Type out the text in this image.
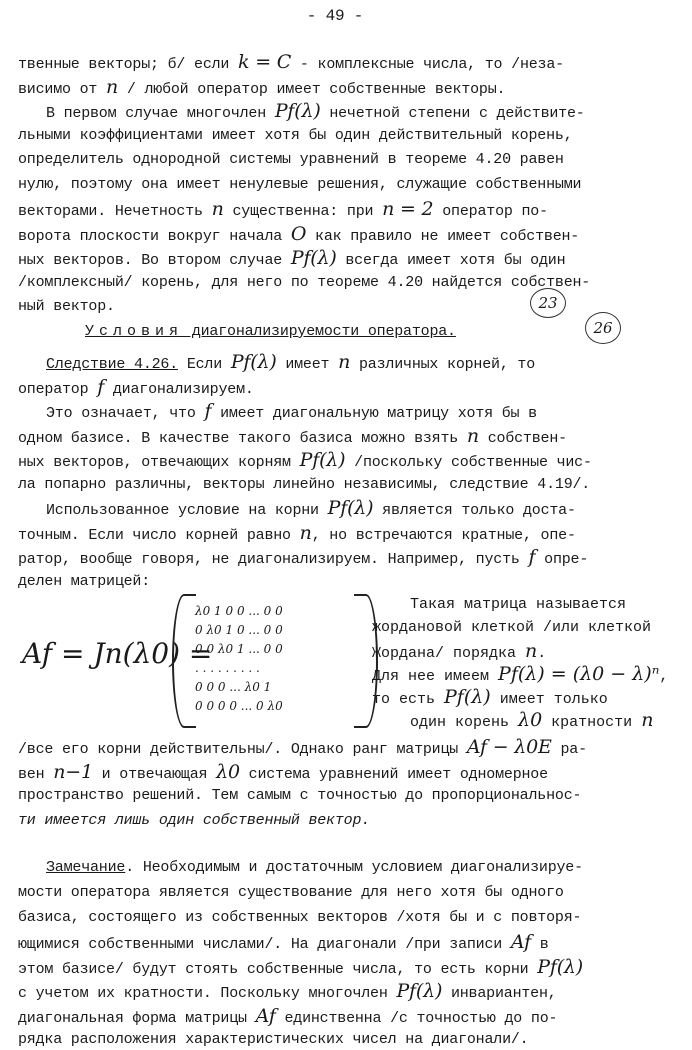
- 49 -
твенные векторы; б/ если k = C - комплексные числа, то /неза-
висимо от n / любой оператор имеет собственные векторы.
В первом случае многочлен Pf(λ) нечетной степени с действите-
льными коэффициентами имеет хотя бы один действительный корень,
определитель однородной системы уравнений в теореме 4.20 равен
нулю, поэтому она имеет ненулевые решения, служащие собственными
векторами. Нечетность n существенна: при n = 2 оператор по-
ворота плоскости вокруг начала O как правило не имеет собствен-
ных векторов. Во втором случае Pf(λ) всегда имеет хотя бы один
/комплексный/ корень, для него по теореме 4.20 найдется собствен-
ный вектор.	23
26
Условия диагонализируемости оператора.
Следствие 4.26. Если Pf(λ) имеет n различных корней, то
оператор f диагонализируем.
Это означает, что f имеет диагональную матрицу хотя бы в
одном базисе. В качестве такого базиса можно взять n собствен-
ных векторов, отвечающих корням Pf(λ) /поскольку собственные чис-
ла попарно различны, векторы линейно независимы, следствие 4.19/.
Использованное условие на корни Pf(λ) является только доста-
точным. Если число корней равно n, но встречаются кратные, опе-
ратор, вообще говоря, не диагонализируем. Например, пусть f опре-
делен матрицей:
Af = Jn(λ0) =
λ0 1 0 0 ... 0 0
0 λ0 1 0 ... 0 0
0 0 λ0 1 ... 0 0
. . . . . . . . .
0 0 0 ... λ0 1
0 0 0 0 ... 0 λ0
Такая матрица называется
жордановой клеткой /или клеткой
Жордана/ порядка n.
Для нее имеем Pf(λ) = (λ0 − λ)ⁿ,
то есть Pf(λ) имеет только
один корень λ0 кратности n
/все его корни действительны/. Однако ранг матрицы Af − λ0E ра-
вен n−1 и отвечающая λ0 система уравнений имеет одномерное
пространство решений. Тем самым с точностью до пропорциональнос-
ти имеется лишь один собственный вектор.
Замечание. Необходимым и достаточным условием диагонализируе-
мости оператора является существование для него хотя бы одного
базиса, состоящего из собственных векторов /хотя бы и с повторя-
ющимися собственными числами/. На диагонали /при записи Af в
этом базисе/ будут стоять собственные числа, то есть корни Pf(λ)
с учетом их кратности. Поскольку многочлен Pf(λ) инвариантен,
диагональная форма матрицы Af единственна /с точностью до по-
рядка расположения характеристических чисел на диагонали/.
